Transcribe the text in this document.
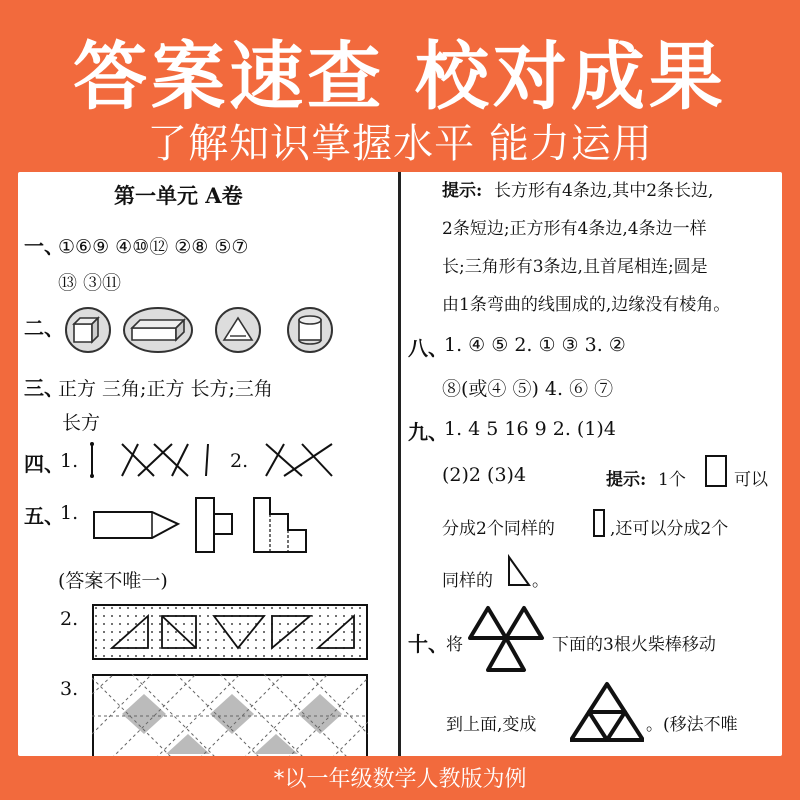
答案速查 校对成果
了解知识掌握水平 能力运用
第一单元 A卷
一、
①⑥⑨ ④⑩⑫ ②⑧ ⑤⑦
⑬ ③⑪
二、
三、
正方 三角;正方 长方;三角
长方
四、
1.	2.
五、
1.
(答案不唯一)
2.
3.
提示: 长方形有4条边,其中2条长边,
2条短边;正方形有4条边,4条边一样
长;三角形有3条边,且首尾相连;圆是
由1条弯曲的线围成的,边缘没有棱角。
八、
1. ④ ⑤ 2. ① ③ 3. ②
⑧(或④ ⑤) 4. ⑥ ⑦
九、
1. 4 5 16 9 2. (1)4
(2)2 (3)4	提示: 1个	可以
分成2个同样的	,还可以分成2个
同样的 。
十、
将	下面的3根火柴棒移动
到上面,变成	。(移法不唯
*以一年级数学人教版为例
